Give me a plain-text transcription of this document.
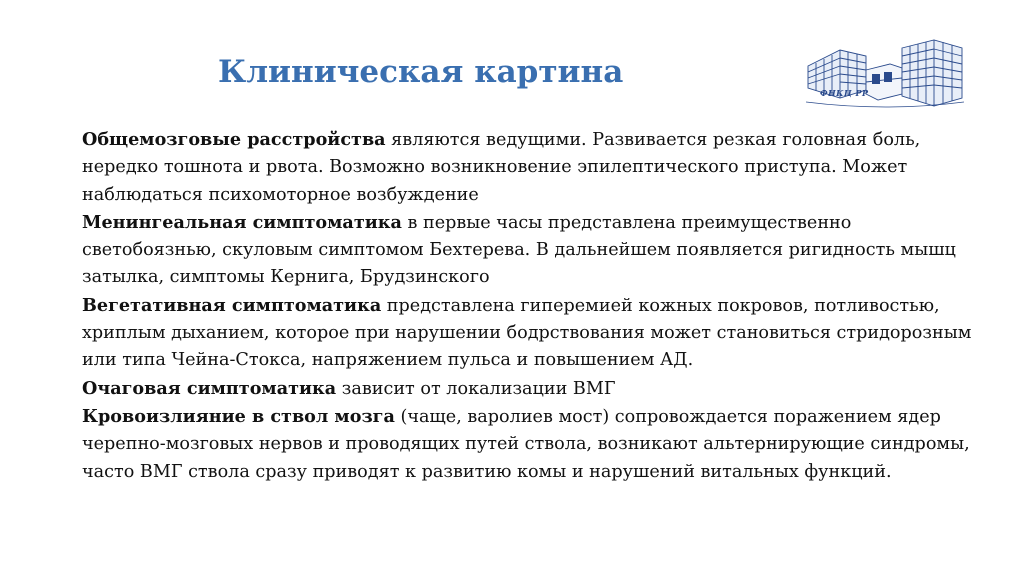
Клиническая картина
ФНКЦ РР

Общемозговые расстройства являются ведущими. Развивается резкая головная боль, нередко тошнота и рвота. Возможно возникновение эпилептического приступа. Может наблюдаться психомоторное возбуждение

Менингеальная симптоматика в первые часы представлена преимущественно светобоязнью, скуловым симптомом Бехтерева. В дальнейшем появляется ригидность мышц затылка, симптомы Кернига, Брудзинского

Вегетативная симптоматика представлена гиперемией кожных покровов, потливостью, хриплым дыханием, которое при нарушении бодрствования может становиться стридорозным или типа Чейна-Стокса, напряжением пульса и повышением АД.

Очаговая симптоматика зависит от локализации ВМГ

Кровоизлияние в ствол мозга (чаще, варолиев мост) сопровождается поражением ядер черепно-мозговых нервов и проводящих путей ствола, возникают альтернирующие синдромы, часто ВМГ ствола сразу приводят к развитию комы и нарушений витальных функций.
